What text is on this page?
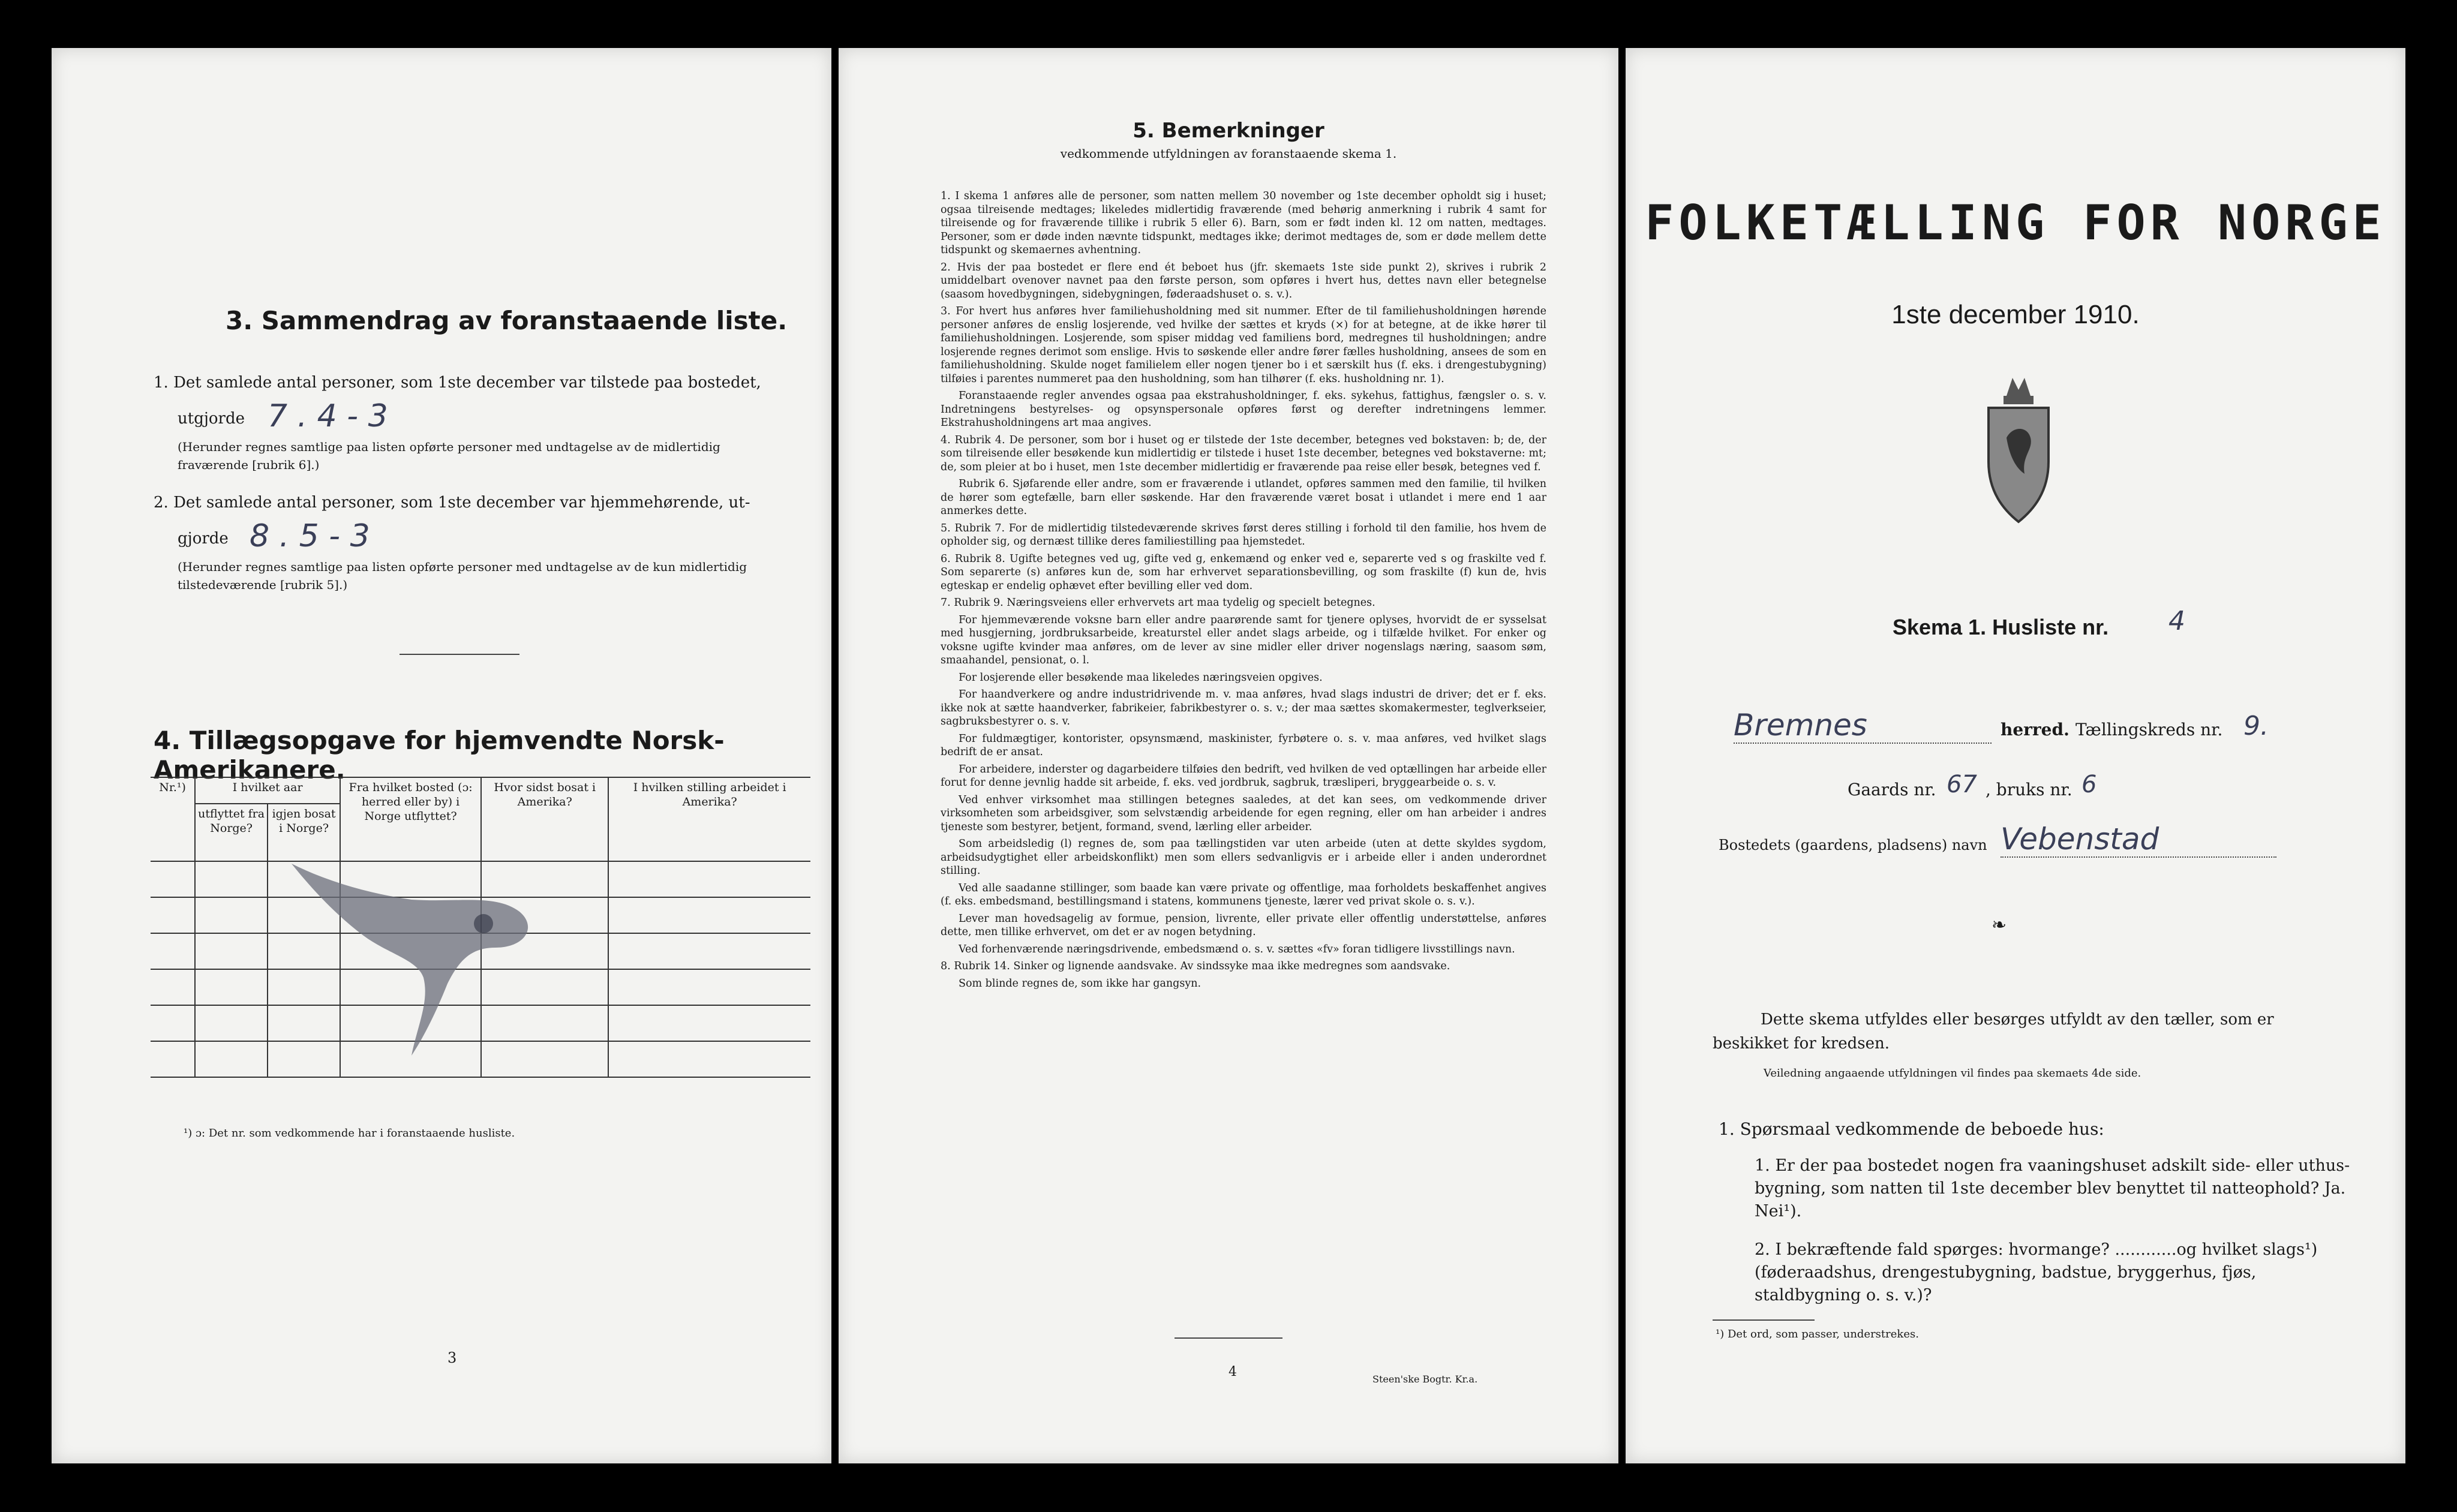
3. Sammendrag av foranstaaende liste.
1. Det samlede antal personer, som 1ste december var tilstede paa bostedet,
utgjorde 7 . 4 - 3
(Herunder regnes samtlige paa listen opførte personer med undtagelse av de midlertidig fraværende [rubrik 6].)
2. Det samlede antal personer, som 1ste december var hjemmehørende, ut-
gjorde 8 . 5 - 3
(Herunder regnes samtlige paa listen opførte personer med undtagelse av de kun midlertidig tilstedeværende [rubrik 5].)
4. Tillægsopgave for hjemvendte Norsk-Amerikanere.
Nr.¹)	I hvilket aar		Fra hvilket bosted (ɔ: herred eller by) i Norge utflyttet?	Hvor sidst bosat i Amerika?	I hvilken stilling arbeidet i Amerika?
	utflyttet fra Norge?	igjen bosat i Norge?			

¹) ɔ: Det nr. som vedkommende har i foranstaaende husliste.
3
5. Bemerkninger
vedkommende utfyldningen av foranstaaende skema 1.

1. I skema 1 anføres alle de personer, som natten mellem 30 november og 1ste december opholdt sig i huset; ogsaa tilreisende medtages; likeledes midlertidig fraværende (med behørig anmerkning i rubrik 4 samt for tilreisende og for fraværende tillike i rubrik 5 eller 6). Barn, som er født inden kl. 12 om natten, medtages. Personer, som er døde inden nævnte tidspunkt, medtages ikke; derimot medtages de, som er døde mellem dette tidspunkt og skemaernes avhentning.

2. Hvis der paa bostedet er flere end ét beboet hus (jfr. skemaets 1ste side punkt 2), skrives i rubrik 2 umiddelbart ovenover navnet paa den første person, som opføres i hvert hus, dettes navn eller betegnelse (saasom hovedbygningen, sidebygningen, føderaadshuset o. s. v.).

3. For hvert hus anføres hver familiehusholdning med sit nummer. Efter de til familiehusholdningen hørende personer anføres de enslig losjerende, ved hvilke der sættes et kryds (×) for at betegne, at de ikke hører til familiehusholdningen. Losjerende, som spiser middag ved familiens bord, medregnes til husholdningen; andre losjerende regnes derimot som enslige. Hvis to søskende eller andre fører fælles husholdning, ansees de som en familiehusholdning. Skulde noget familielem eller nogen tjener bo i et særskilt hus (f. eks. i drengestubygning) tilføies i parentes nummeret paa den husholdning, som han tilhører (f. eks. husholdning nr. 1).

Foranstaaende regler anvendes ogsaa paa ekstrahusholdninger, f. eks. sykehus, fattighus, fængsler o. s. v. Indretningens bestyrelses- og opsynspersonale opføres først og derefter indretningens lemmer. Ekstrahusholdningens art maa angives.

4. Rubrik 4. De personer, som bor i huset og er tilstede der 1ste december, betegnes ved bokstaven: b; de, der som tilreisende eller besøkende kun midlertidig er tilstede i huset 1ste december, betegnes ved bokstaverne: mt; de, som pleier at bo i huset, men 1ste december midlertidig er fraværende paa reise eller besøk, betegnes ved f.

Rubrik 6. Sjøfarende eller andre, som er fraværende i utlandet, opføres sammen med den familie, til hvilken de hører som egtefælle, barn eller søskende. Har den fraværende været bosat i utlandet i mere end 1 aar anmerkes dette.

5. Rubrik 7. For de midlertidig tilstedeværende skrives først deres stilling i forhold til den familie, hos hvem de opholder sig, og dernæst tillike deres familiestilling paa hjemstedet.

6. Rubrik 8. Ugifte betegnes ved ug, gifte ved g, enkemænd og enker ved e, separerte ved s og fraskilte ved f. Som separerte (s) anføres kun de, som har erhvervet separationsbevilling, og som fraskilte (f) kun de, hvis egteskap er endelig ophævet efter bevilling eller ved dom.

7. Rubrik 9. Næringsveiens eller erhvervets art maa tydelig og specielt betegnes.

For hjemmeværende voksne barn eller andre paarørende samt for tjenere oplyses, hvorvidt de er sysselsat med husgjerning, jordbruksarbeide, kreaturstel eller andet slags arbeide, og i tilfælde hvilket. For enker og voksne ugifte kvinder maa anføres, om de lever av sine midler eller driver nogenslags næring, saasom søm, smaahandel, pensionat, o. l.

For losjerende eller besøkende maa likeledes næringsveien opgives.

For haandverkere og andre industridrivende m. v. maa anføres, hvad slags industri de driver; det er f. eks. ikke nok at sætte haandverker, fabrikeier, fabrikbestyrer o. s. v.; der maa sættes skomakermester, teglverkseier, sagbruksbestyrer o. s. v.

For fuldmægtiger, kontorister, opsynsmænd, maskinister, fyrbøtere o. s. v. maa anføres, ved hvilket slags bedrift de er ansat.

For arbeidere, inderster og dagarbeidere tilføies den bedrift, ved hvilken de ved optællingen har arbeide eller forut for denne jevnlig hadde sit arbeide, f. eks. ved jordbruk, sagbruk, træsliperi, bryggearbeide o. s. v.

Ved enhver virksomhet maa stillingen betegnes saaledes, at det kan sees, om vedkommende driver virksomheten som arbeidsgiver, som selvstændig arbeidende for egen regning, eller om han arbeider i andres tjeneste som bestyrer, betjent, formand, svend, lærling eller arbeider.

Som arbeidsledig (l) regnes de, som paa tællingstiden var uten arbeide (uten at dette skyldes sygdom, arbeidsudygtighet eller arbeidskonflikt) men som ellers sedvanligvis er i arbeide eller i anden underordnet stilling.

Ved alle saadanne stillinger, som baade kan være private og offentlige, maa forholdets beskaffenhet angives (f. eks. embedsmand, bestillingsmand i statens, kommunens tjeneste, lærer ved privat skole o. s. v.).

Lever man hovedsagelig av formue, pension, livrente, eller private eller offentlig understøttelse, anføres dette, men tillike erhvervet, om det er av nogen betydning.

Ved forhenværende næringsdrivende, embedsmænd o. s. v. sættes «fv» foran tidligere livsstillings navn.

8. Rubrik 14. Sinker og lignende aandsvake. Av sindssyke maa ikke medregnes som aandsvake.

Som blinde regnes de, som ikke har gangsyn.

4	Steen'ske Bogtr. Kr.a.
FOLKETÆLLING FOR NORGE
1ste december 1910.
Skema 1. Husliste nr. 4
Bremnes	herred. Tællingskreds nr. 9.
Gaards nr. 67 , bruks nr. 6
Bostedets (gaardens, pladsens) navn Vebenstad
❧
Dette skema utfyldes eller besørges utfyldt av den tæller, som er beskikket for kredsen.
Veiledning angaaende utfyldningen vil findes paa skemaets 4de side.
1. Spørsmaal vedkommende de beboede hus:
1. Er der paa bostedet nogen fra vaaningshuset adskilt side- eller uthus-bygning, som natten til 1ste december blev benyttet til natteophold? Ja. Nei¹).
2. I bekræftende fald spørges: hvormange? ............og hvilket slags¹) (føderaadshus, drengestubygning, badstue, bryggerhus, fjøs, staldbygning o. s. v.)?
¹) Det ord, som passer, understrekes.
